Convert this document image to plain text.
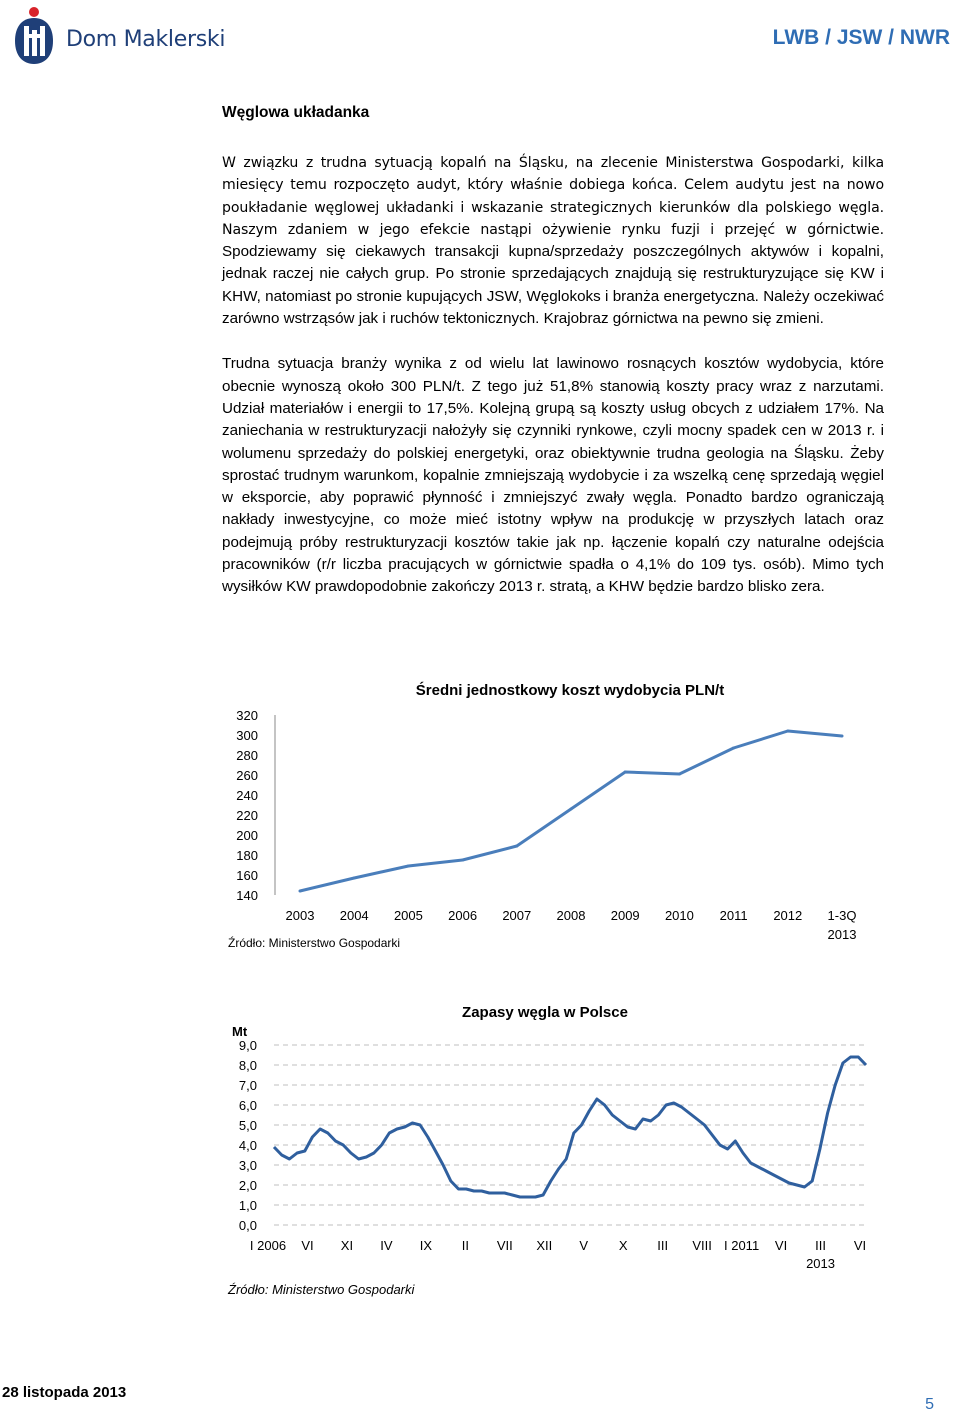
Dom Maklerski	LWB / JSW / NWR
Węglowa układanka

W związku z trudna sytuacją kopalń na Śląsku, na zlecenie Ministerstwa Gospodarki, kilka miesięcy temu rozpoczęto audyt, który właśnie dobiega końca. Celem audytu jest na nowo poukładanie węglowej układanki i wskazanie strategicznych kierunków dla polskiego węgla. Naszym zdaniem w jego efekcie nastąpi ożywienie rynku fuzji i przejęć w górnictwie. Spodziewamy się ciekawych transakcji kupna/sprzedaży poszczególnych aktywów i kopalni, jednak raczej nie całych grup. Po stronie sprzedających znajdują się restrukturyzujące się KW i KHW, natomiast po stronie kupujących JSW, Węglokoks i branża energetyczna. Należy oczekiwać zarówno wstrząsów jak i ruchów tektonicznych. Krajobraz górnictwa na pewno się zmieni.

Trudna sytuacja branży wynika z od wielu lat lawinowo rosnących kosztów wydobycia, które obecnie wynoszą około 300 PLN/t. Z tego już 51,8% stanowią koszty pracy wraz z narzutami. Udział materiałów i energii to 17,5%. Kolejną grupą są koszty usług obcych z udziałem 17%. Na zaniechania w restrukturyzacji nałożyły się czynniki rynkowe, czyli mocny spadek cen w 2013 r. i wolumenu sprzedaży do polskiej energetyki, oraz obiektywnie trudna geologia na Śląsku. Żeby sprostać trudnym warunkom, kopalnie zmniejszają wydobycie i za wszelką cenę sprzedają węgiel w eksporcie, aby poprawić płynność i zmniejszyć zwały węgla. Ponadto bardzo ograniczają nakłady inwestycyjne, co może mieć istotny wpływ na produkcję w przyszłych latach oraz podejmują próby restrukturyzacji kosztów takie jak np. łączenie kopalń czy naturalne odejścia pracowników (r/r liczba pracujących w górnictwie spadła o 4,1% do 109 tys. osób). Mimo tych wysiłków KW prawdopodobnie zakończy 2013 r. stratą, a KHW będzie bardzo blisko zera.

Średni jednostkowy koszt wydobycia PLN/t
140
160
180
200
220
240
260
280
300
320
2003 2004 2005 2006 2007 2008 2009 2010 2011 2012 1-3Q 2013
Źródło: Ministerstwo Gospodarki
Zapasy węgla w Polsce
Mt
0,0
1,0
2,0
3,0
4,0
5,0
6,0
7,0
8,0
9,0
I 2006 VI XI IV IX II VII XII V X III VIII I 2011 VI	III 2013
VI
Źródło: Ministerstwo Gospodarki
28 listopada 2013
5
